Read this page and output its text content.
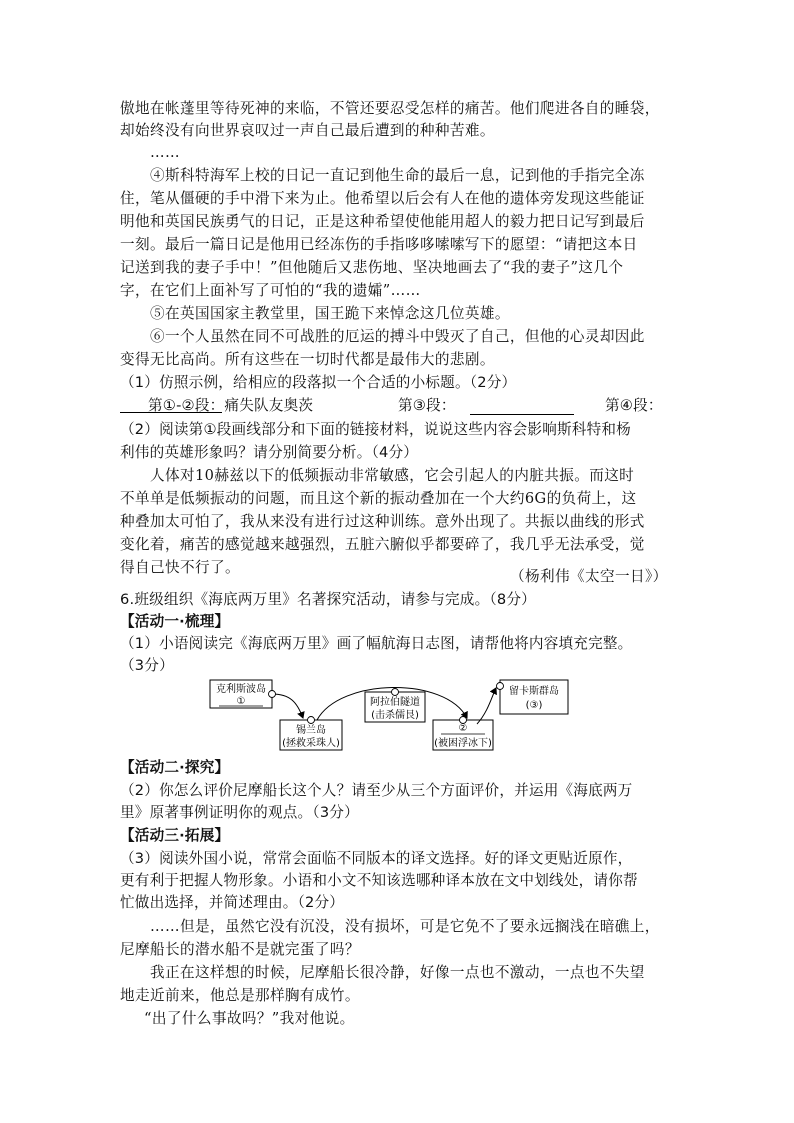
傲地在帐蓬里等待死神的来临，不管还要忍受怎样的痛苦。他们爬进各自的睡袋，
却始终没有向世界哀叹过一声自己最后遭到的种种苦难。
……
④斯科特海军上校的日记一直记到他生命的最后一息，记到他的手指完全冻
住，笔从僵硬的手中滑下来为止。他希望以后会有人在他的遗体旁发现这些能证
明他和英国民族勇气的日记，正是这种希望使他能用超人的毅力把日记写到最后
一刻。最后一篇日记是他用已经冻伤的手指哆哆嗦嗦写下的愿望：“请把这本日
记送到我的妻子手中！”但他随后又悲伤地、坚决地画去了“我的妻子”这几个
字，在它们上面补写了可怕的“我的遗孀”……
⑤在英国国家主教堂里，国王跪下来悼念这几位英雄。
⑥一个人虽然在同不可战胜的厄运的搏斗中毁灭了自己，但他的心灵却因此
变得无比高尚。所有这些在一切时代都是最伟大的悲剧。
（1）仿照示例，给相应的段落拟一个合适的小标题。（2分）
第①-②段：痛失队友奥茨	第③段：	第④段：
（2）阅读第①段画线部分和下面的链接材料，说说这些内容会影响斯科特和杨
利伟的英雄形象吗？请分别简要分析。（4分）
人体对10赫兹以下的低频振动非常敏感，它会引起人的内脏共振。而这时
不单单是低频振动的问题，而且这个新的振动叠加在一个大约6G的负荷上，这
种叠加太可怕了，我从来没有进行过这种训练。意外出现了。共振以曲线的形式
变化着，痛苦的感觉越来越强烈，五脏六腑似乎都要碎了，我几乎无法承受，觉
得自己快不行了。
（杨利伟《太空一日》）
6.班级组织《海底两万里》名著探究活动，请参与完成。（8分）
【活动一·梳理】
（1）小语阅读完《海底两万里》画了幅航海日志图，请帮他将内容填充完整。
（3分）
克利斯波岛
①
锡兰岛
(拯救采珠人)
阿拉伯隧道
(击杀儒艮)
②
(被困浮冰下)
留卡斯群岛
(③)
【活动二·探究】
（2）你怎么评价尼摩船长这个人？请至少从三个方面评价，并运用《海底两万
里》原著事例证明你的观点。（3分）
【活动三·拓展】
（3）阅读外国小说，常常会面临不同版本的译文选择。好的译文更贴近原作，
更有利于把握人物形象。小语和小文不知该选哪种译本放在文中划线处，请你帮
忙做出选择，并简述理由。（2分）
……但是，虽然它没有沉没，没有损坏，可是它免不了要永远搁浅在暗礁上，
尼摩船长的潜水船不是就完蛋了吗？
我正在这样想的时候，尼摩船长很冷静，好像一点也不激动，一点也不失望
地走近前来，他总是那样胸有成竹。
“出了什么事故吗？”我对他说。
